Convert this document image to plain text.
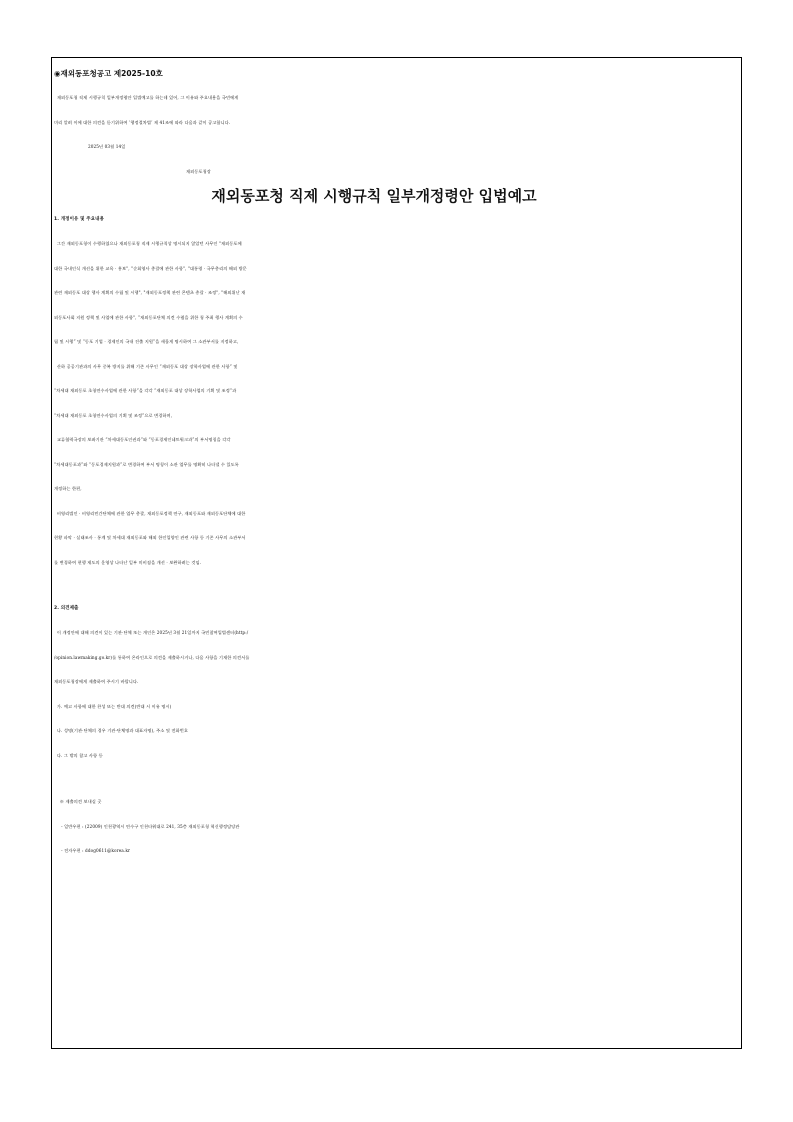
◉재외동포청공고 제2025-10호
재외동포청 직제 시행규칙 일부개정령안 입법예고를 하는데 있어, 그 이유와 주요내용을 국민에게
미리 알려 이에 대한 의견을 듣기위하여 ‘행정절차법’ 제 41조에 따라 다음과 같이 공고합니다.
2025년 03월 14일
재외동포청장
재외동포청 직제 시행규칙 일부개정령안 입법예고
1. 개정이유 및 주요내용
그간 재외동포청이 수행하였으나 재외동포청 직제 시행규칙상 명시되지 않았던 사무인 "재외동포에
대한 국내인식 개선을 위한 교육 · 홍보", "순회영사 총괄에 관한 사항", "대통령 · 국무총리의 해외 방문
관련 재외동포 대상 행사 계획의 수립 및 시행", "재외동포정책 관련 콘텐츠 총괄 · 조정", "해외위난 재
외동포사회 지원 정책 및 사업에 관한 사항", “재외동포단체 의견 수렴을 위한 청 주최 행사 계획의 수
립 및 시행” 및 “동포 기업 · 경제인의 국내 진출 지원”을 새롭게 명시하여 그 소관부서를 지정하고,
산하 공공기관과의 사무 중복 방지를 위해 기존 사무인 “재외동포 대상 장학사업에 관한 사항” 및
“차세대 재외동포 초청연수사업에 관한 사항”을 각각 “재외동포 대상 장학사업의 기획 및 조정”과
“차세대 재외동포 초청연수사업의 기획 및 조정”으로 변경하며,
교류협력국장의 보좌기관 “차세대동포인권과”와 “동포경제인네트워크과”의 부서명칭을 각각
“차세대동포과”와 “동포경제지원과”로 변경하여 부서 명칭이 소관 업무를 명확히 나타낼 수 있도록
개정하는 한편,
비영리법인 · 비영리민간단체에 관한 업무 총괄, 재외동포정책 연구, 재외동포와 재외동포단체에 대한
현황 파악 · 실태조사 · 통계 및 차세대 재외동포와 해외 한인입양인 관련 사항 등 기존 사무의 소관부서
를 변경하여 현행 제도의 운영상 나타난 일부 미비점을 개선 · 보완하려는 것임.
2. 의견제출
이 개정안에 대해 의견이 있는 기관·단체 또는 개인은 2025년 3월 21일까지 국민참여입법센터(http:/
/opinion.lawmaking.go.kr)를 통하여 온라인으로 의견을 제출하시거나, 다음 사항을 기재한 의견서를
재외동포청장에게 제출하여 주시기 바랍니다.
가. 예고 사항에 대한 찬성 또는 반대 의견(반대 시 이유 명시)
나. 성명(기관·단체의 경우 기관·단체명과 대표자명), 주소 및 전화번호
다. 그 밖의 참고 사항 등
※ 제출의견 보내실 곳
- 일반우편 : (22009) 인천광역시 연수구 인천타워대로 241, 35층 재외동포청 혁신행정담당관
- 전자우편 : ddog0611@korea.kr
